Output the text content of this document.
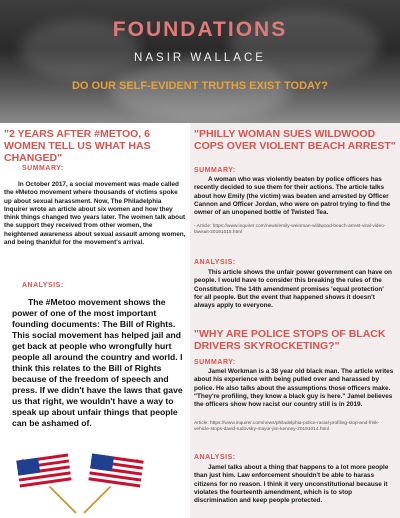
FOUNDATIONS
NASIR WALLACE
DO OUR SELF-EVIDENT TRUTHS EXIST TODAY?
"2 YEARS AFTER #METOO, 6 WOMEN TELL US WHAT HAS CHANGED"
SUMMARY:
In October 2017, a social movement was made called the #Metoo movement where thousands of victims spoke up about sexual harassment. Now, The Philadelphia Inquirer wrote an article about six women and how they think things changed two years later. The women talk about the support they received from other women, the heightened awareness about sexual assault among women, and being thankful for the movement's arrival.
ANALYSIS:
The #Metoo movement shows the power of one of the most important founding documents: The Bill of Rights. This social movement has helped jail and get back at people who wrongfully hurt people all around the country and world. I think this relates to the Bill of Rights because of the freedom of speech and press. If we didn't have the laws that gave us that right, we wouldn't have a way to speak up about unfair things that people can be ashamed of.
"PHILLY WOMAN SUES WILDWOOD COPS OVER VIOLENT BEACH ARREST"
SUMMARY:
A woman who was violently beaten by police officers has recently decided to sue them for their actions. The article talks about how Emily (the victim) was beaten and arrested by Officer Cannon and Officer Jordan, who were on patrol trying to find the owner of an unopened bottle of Twisted Tea.
- Article: https://www.inquirer.com/news/emily-weinman-wildwood-beach-arrest-viral-video-lawsuit-20191015.html
ANALYSIS:
This article shows the unfair power government can have on people. I would have to consider this breaking the rules of the Constitution. The 14th amendment promises 'equal protection' for all people. But the event that happened shows it doesn't always apply to everyone.
"WHY ARE POLICE STOPS OF BLACK DRIVERS SKYROCKETING?"
SUMMARY:
Jamel Workman is a 38 year old black man. The article writes about his experience with being pulled over and harassed by police. He also talks about the assumptions those officers make. "They're profiling, they know a black guy is here." Jamel believes the officers show how racist our country still is in 2019.
Article: https://www.inquirer.com/news/philadelphia-police-racial-profiling-stop-and-frisk-vehicle-stops-david-rudovsky-mayor-jim-kenney-20191014.html
ANALYSIS:
Jamel talks about a thing that happens to a lot more people than just him. Law enforcement shouldn't be able to harass citizens for no reason. I think it very unconstitutional because it violates the fourteenth amendment, which is to stop discrimination and keep people protected.
